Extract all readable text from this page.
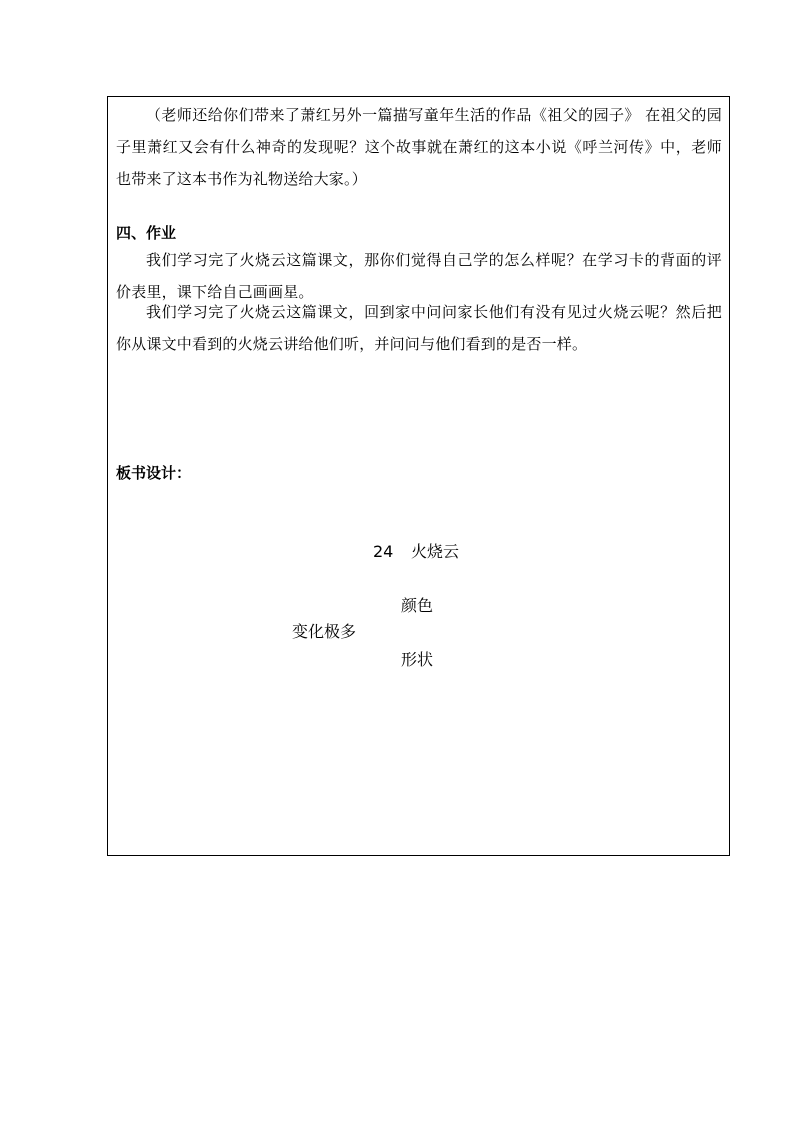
（老师还给你们带来了萧红另外一篇描写童年生活的作品《祖父的园子》 在祖父的园子里萧红又会有什么神奇的发现呢？这个故事就在萧红的这本小说《呼兰河传》中，老师也带来了这本书作为礼物送给大家。）

四、作业

我们学习完了火烧云这篇课文，那你们觉得自己学的怎么样呢？在学习卡的背面的评价表里，课下给自己画画星。

我们学习完了火烧云这篇课文，回到家中问问家长他们有没有见过火烧云呢？然后把你从课文中看到的火烧云讲给他们听，并问问与他们看到的是否一样。

板书设计：
24 火烧云
颜色
变化极多
形状
